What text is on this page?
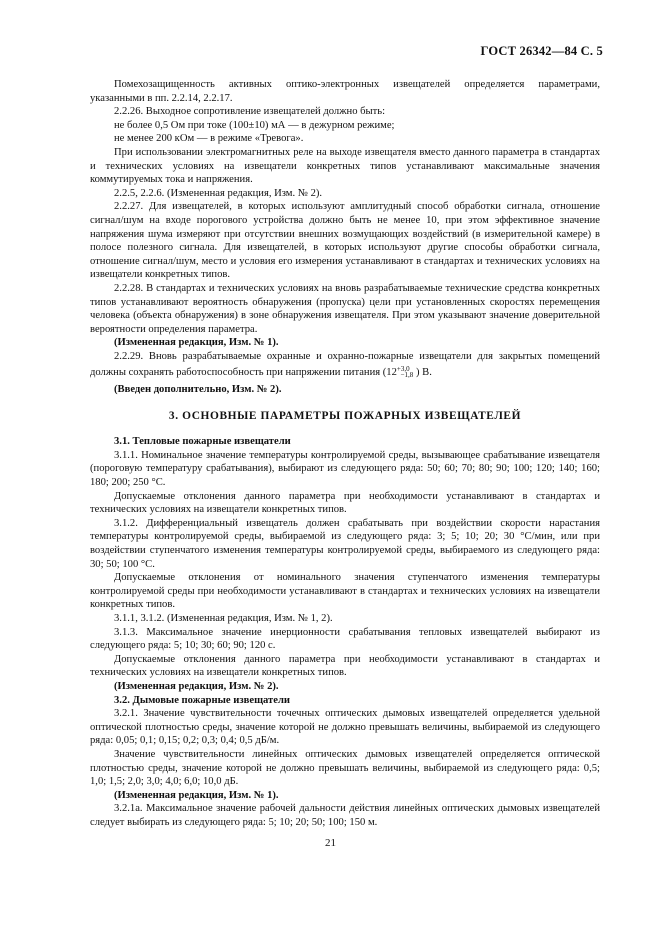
ГОСТ 26342—84 С. 5

Помехозащищенность активных оптико-электронных извещателей определяется параметрами, указанными в пп. 2.2.14, 2.2.17.

2.2.26. Выходное сопротивление извещателей должно быть:

не более 0,5 Ом при токе (100±10) мА — в дежурном режиме;

не менее 200 кОм — в режиме «Тревога».

При использовании электромагнитных реле на выходе извещателя вместо данного параметра в стандартах и технических условиях на извещатели конкретных типов устанавливают максимальные значения коммутируемых тока и напряжения.

2.2.5, 2.2.6. (Измененная редакция, Изм. № 2).

2.2.27. Для извещателей, в которых используют амплитудный способ обработки сигнала, отношение сигнал/шум на входе порогового устройства должно быть не менее 10, при этом эффективное значение напряжения шума измеряют при отсутствии внешних возмущающих воздействий (в измерительной камере) в полосе полезного сигнала. Для извещателей, в которых используют другие способы обработки сигнала, отношение сигнал/шум, место и условия его измерения устанавливают в стандартах и технических условиях на извещатели конкретных типов.

2.2.28. В стандартах и технических условиях на вновь разрабатываемые технические средства конкретных типов устанавливают вероятность обнаружения (пропуска) цели при установленных скоростях перемещения человека (объекта обнаружения) в зоне обнаружения извещателя. При этом указывают значение доверительной вероятности определения параметра.

(Измененная редакция, Изм. № 1).

2.2.29. Вновь разрабатываемые охранные и охранно-пожарные извещатели для закрытых помещений должны сохранять работоспособность при напряжении питания ($12^{+3,0}_{-1,8}$ ) В.

(Введен дополнительно, Изм. № 2).

3. ОСНОВНЫЕ ПАРАМЕТРЫ ПОЖАРНЫХ ИЗВЕЩАТЕЛЕЙ

3.1. Тепловые пожарные извещатели

3.1.1. Номинальное значение температуры контролируемой среды, вызывающее срабатывание извещателя (пороговую температуру срабатывания), выбирают из следующего ряда: 50; 60; 70; 80; 90; 100; 120; 140; 160; 180; 200; 250 °С.

Допускаемые отклонения данного параметра при необходимости устанавливают в стандартах и технических условиях на извещатели конкретных типов.

3.1.2. Дифференциальный извещатель должен срабатывать при воздействии скорости нарастания температуры контролируемой среды, выбираемой из следующего ряда: 3; 5; 10; 20; 30 °С/мин, или при воздействии ступенчатого изменения температуры контролируемой среды, выбираемого из следующего ряда: 30; 50; 100 °С.

Допускаемые отклонения от номинального значения ступенчатого изменения температуры контролируемой среды при необходимости устанавливают в стандартах и технических условиях на извещатели конкретных типов.

3.1.1, 3.1.2. (Измененная редакция, Изм. № 1, 2).

3.1.3. Максимальное значение инерционности срабатывания тепловых извещателей выбирают из следующего ряда: 5; 10; 30; 60; 90; 120 с.

Допускаемые отклонения данного параметра при необходимости устанавливают в стандартах и технических условиях на извещатели конкретных типов.

(Измененная редакция, Изм. № 2).

3.2. Дымовые пожарные извещатели

3.2.1. Значение чувствительности точечных оптических дымовых извещателей определяется удельной оптической плотностью среды, значение которой не должно превышать величины, выбираемой из следующего ряда: 0,05; 0,1; 0,15; 0,2; 0,3; 0,4; 0,5 дБ/м.

Значение чувствительности линейных оптических дымовых извещателей определяется оптической плотностью среды, значение которой не должно превышать величины, выбираемой из следующего ряда: 0,5; 1,0; 1,5; 2,0; 3,0; 4,0; 6,0; 10,0 дБ.

(Измененная редакция, Изм. № 1).

3.2.1а. Максимальное значение рабочей дальности действия линейных оптических дымовых извещателей следует выбирать из следующего ряда: 5; 10; 20; 50; 100; 150 м.

21
